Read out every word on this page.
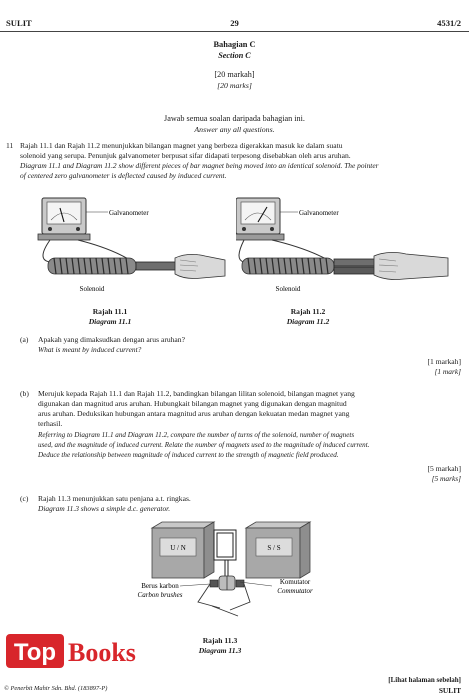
SULIT	29	4531/2
Bahagian C
Section C
[20 markah]
[20 marks]
Jawab semua soalan daripada bahagian ini.
Answer any all questions.
11 Rajah 11.1 dan Rajah 11.2 menunjukkan bilangan magnet yang berbeza digerakkan masuk ke dalam suatu
solenoid yang serupa. Penunjuk galvanometer berpusat sifar didapati terpesong disebabkan oleh arus aruhan.
Diagram 11.1 and Diagram 11.2 show different pieces of bar magnet being moved into an identical solenoid. The pointer
of centered zero galvanometer is deflected caused by induced current.
Galvanometer
Solenoid
Galvanometer
Solenoid
Rajah 11.1
Diagram 11.1
Rajah 11.2
Diagram 11.2
(a) Apakah yang dimaksudkan dengan arus aruhan?
What is meant by induced current?
[1 markah]
[1 mark]
(b) Merujuk kepada Rajah 11.1 dan Rajah 11.2, bandingkan bilangan lilitan solenoid, bilangan magnet yang
digunakan dan magnitud arus aruhan. Hubungkait bilangan magnet yang digunakan dengan magnitud
arus aruhan. Deduksikan hubungan antara magnitud arus aruhan dengan kekuatan medan magnet yang
terhasil.
Referring to Diagram 11.1 and Diagram 11.2, compare the number of turns of the solenoid, number of magnets
used, and the magnitude of induced current. Relate the number of magnets used to the magnitude of induced current.
Deduce the relationship between magnitude of induced current to the strength of magnetic field produced.
[5 markah]
[5 marks]
(c) Rajah 11.3 menunjukkan satu penjana a.t. ringkas.
Diagram 11.3 shows a simple d.c. generator.
U / N	S / S
Berus karbon
Carbon brushes
Komutator
Commutator
Rajah 11.3
Diagram 11.3
Top Books
© Penerbit Mahir Sdn. Bhd. (183897-P)
[Lihat halaman sebelah]
SULIT
